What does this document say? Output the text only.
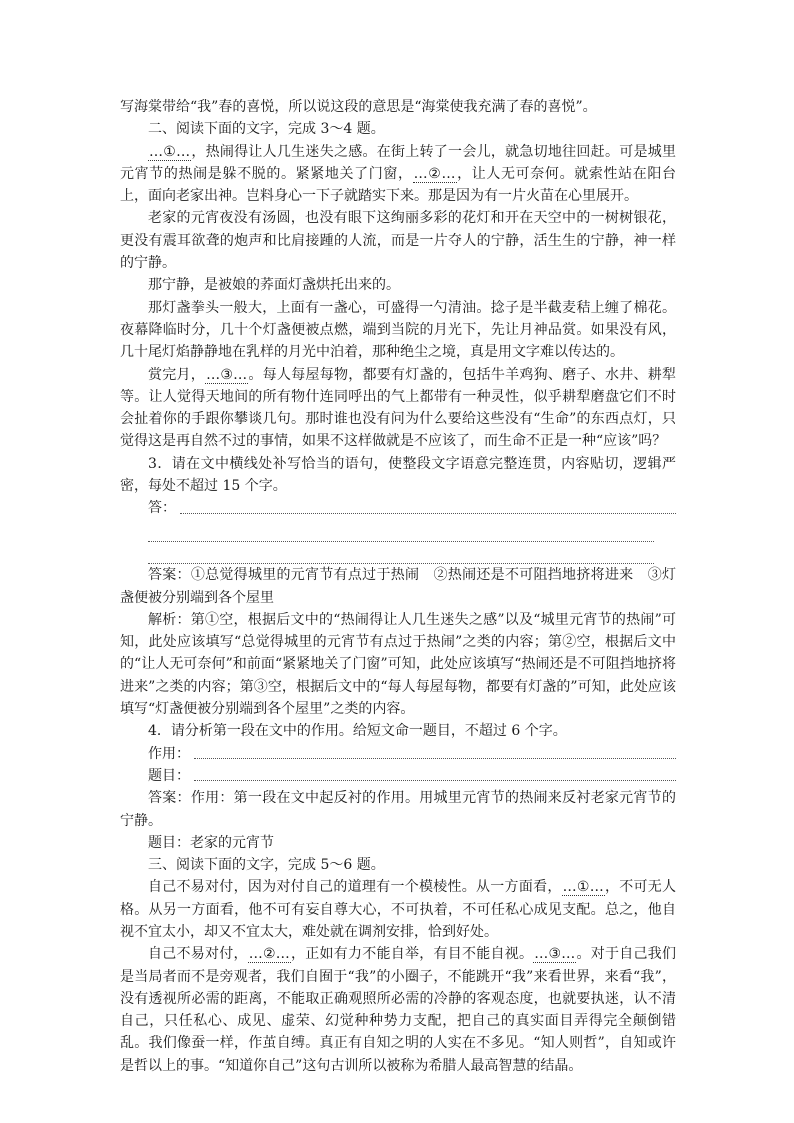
写海棠带给“我”春的喜悦，所以说这段的意思是“海棠使我充满了春的喜悦”。

二、阅读下面的文字，完成 3～4 题。

…①…，热闹得让人几生迷失之感。在街上转了一会儿，就急切地往回赶。可是城里元宵节的热闹是躲不脱的。紧紧地关了门窗，…②…，让人无可奈何。就索性站在阳台上，面向老家出神。岂料身心一下子就踏实下来。那是因为有一片火苗在心里展开。

老家的元宵夜没有汤圆，也没有眼下这绚丽多彩的花灯和开在天空中的一树树银花，更没有震耳欲聋的炮声和比肩接踵的人流，而是一片夺人的宁静，活生生的宁静，神一样的宁静。

那宁静，是被娘的荞面灯盏烘托出来的。

那灯盏拳头一般大，上面有一盏心，可盛得一勺清油。捻子是半截麦秸上缠了棉花。夜幕降临时分，几十个灯盏便被点燃，端到当院的月光下，先让月神品赏。如果没有风，几十尾灯焰静静地在乳样的月光中泊着，那种绝尘之境，真是用文字难以传达的。

赏完月，…③…。每人每屋每物，都要有灯盏的，包括牛羊鸡狗、磨子、水井、耕犁等。让人觉得天地间的所有物什连同呼出的气上都带有一种灵性，似乎耕犁磨盘它们不时会扯着你的手跟你攀谈几句。那时谁也没有问为什么要给这些没有“生命”的东西点灯，只觉得这是再自然不过的事情，如果不这样做就是不应该了，而生命不正是一种“应该”吗？

3．请在文中横线处补写恰当的语句，使整段文字语意完整连贯，内容贴切，逻辑严密，每处不超过 15 个字。

答：

答案：①总觉得城里的元宵节有点过于热闹　②热闹还是不可阻挡地挤将进来　③灯盏便被分别端到各个屋里

解析：第①空，根据后文中的“热闹得让人几生迷失之感”以及“城里元宵节的热闹”可知，此处应该填写“总觉得城里的元宵节有点过于热闹”之类的内容；第②空，根据后文中的“让人无可奈何”和前面“紧紧地关了门窗”可知，此处应该填写“热闹还是不可阻挡地挤将进来”之类的内容；第③空，根据后文中的“每人每屋每物，都要有灯盏的”可知，此处应该填写“灯盏便被分别端到各个屋里”之类的内容。

4．请分析第一段在文中的作用。给短文命一题目，不超过 6 个字。

作用：
题目：

答案：作用：第一段在文中起反衬的作用。用城里元宵节的热闹来反衬老家元宵节的宁静。

题目：老家的元宵节

三、阅读下面的文字，完成 5～6 题。

自己不易对付，因为对付自己的道理有一个模棱性。从一方面看，…①…，不可无人格。从另一方面看，他不可有妄自尊大心，不可执着，不可任私心成见支配。总之，他自视不宜太小，却又不宜太大，难处就在调剂安排，恰到好处。

自己不易对付，…②…，正如有力不能自举，有目不能自视。…③…。对于自己我们是当局者而不是旁观者，我们自囿于“我”的小圈子，不能跳开“我”来看世界，来看“我”，没有透视所必需的距离，不能取正确观照所必需的冷静的客观态度，也就要执迷，认不清自己，只任私心、成见、虚荣、幻觉种种势力支配，把自己的真实面目弄得完全颠倒错乱。我们像蚕一样，作茧自缚。真正有自知之明的人实在不多见。“知人则哲”，自知或许是哲以上的事。“知道你自己”这句古训所以被称为希腊人最高智慧的结晶。
